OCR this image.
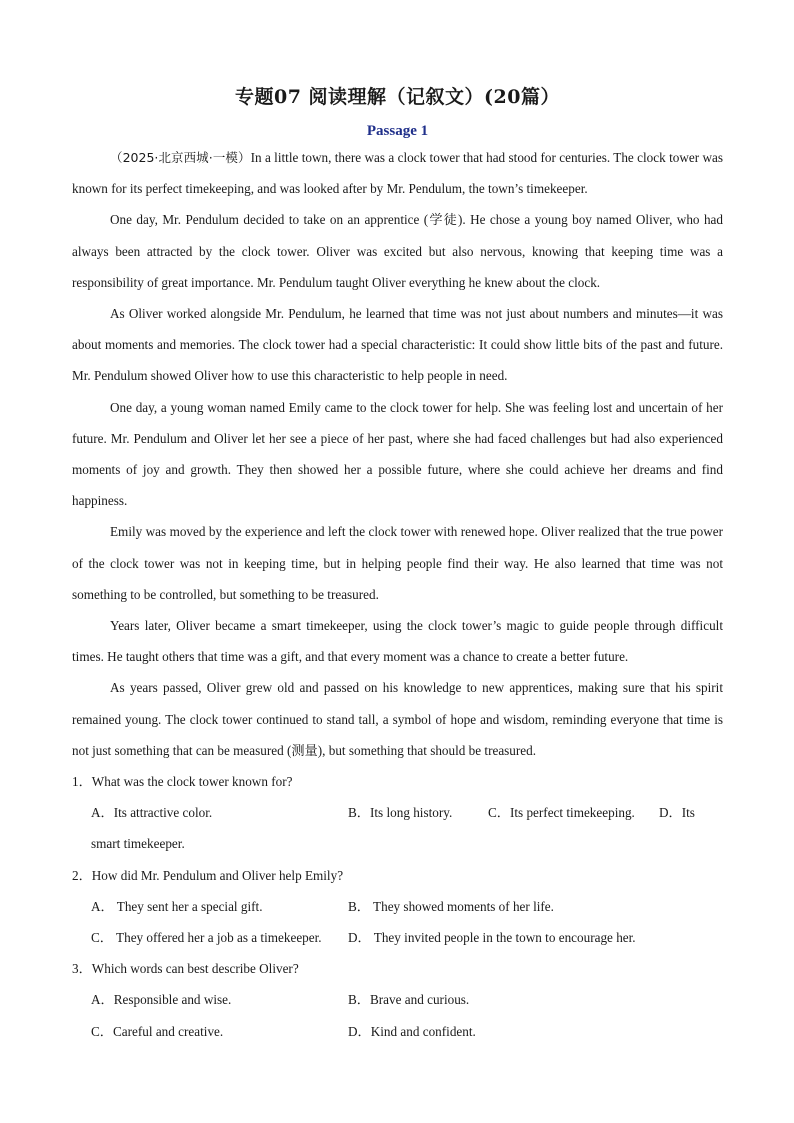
专题07 阅读理解（记叙文）(20篇）
Passage 1

（2025·北京西城·一模）In a little town, there was a clock tower that had stood for centuries. The clock tower was known for its perfect timekeeping, and was looked after by Mr. Pendulum, the town’s timekeeper.

One day, Mr. Pendulum decided to take on an apprentice (学徒). He chose a young boy named Oliver, who had always been attracted by the clock tower. Oliver was excited but also nervous, knowing that keeping time was a responsibility of great importance. Mr. Pendulum taught Oliver everything he knew about the clock.

As Oliver worked alongside Mr. Pendulum, he learned that time was not just about numbers and minutes—it was about moments and memories. The clock tower had a special characteristic: It could show little bits of the past and future. Mr. Pendulum showed Oliver how to use this characteristic to help people in need.

One day, a young woman named Emily came to the clock tower for help. She was feeling lost and uncertain of her future. Mr. Pendulum and Oliver let her see a piece of her past, where she had faced challenges but had also experienced moments of joy and growth. They then showed her a possible future, where she could achieve her dreams and find happiness.

Emily was moved by the experience and left the clock tower with renewed hope. Oliver realized that the true power of the clock tower was not in keeping time, but in helping people find their way. He also learned that time was not something to be controlled, but something to be treasured.

Years later, Oliver became a smart timekeeper, using the clock tower’s magic to guide people through difficult times. He taught others that time was a gift, and that every moment was a chance to create a better future.

As years passed, Oliver grew old and passed on his knowledge to new apprentices, making sure that his spirit remained young. The clock tower continued to stand tall, a symbol of hope and wisdom, reminding everyone that time is not just something that can be measured (测量), but something that should be treasured.

1．What was the clock tower known for?

A．Its attractive color.	B．Its long history.	C．Its perfect timekeeping. D．Its
smart timekeeper.

2．How did Mr. Pendulum and Oliver help Emily?

A． They sent her a special gift.	B． They showed moments of her life.
C． They offered her a job as a timekeeper. D． They invited people in the town to encourage her.

3．Which words can best describe Oliver?

A．Responsible and wise.	B．Brave and curious.
C．Careful and creative.	D．Kind and confident.
